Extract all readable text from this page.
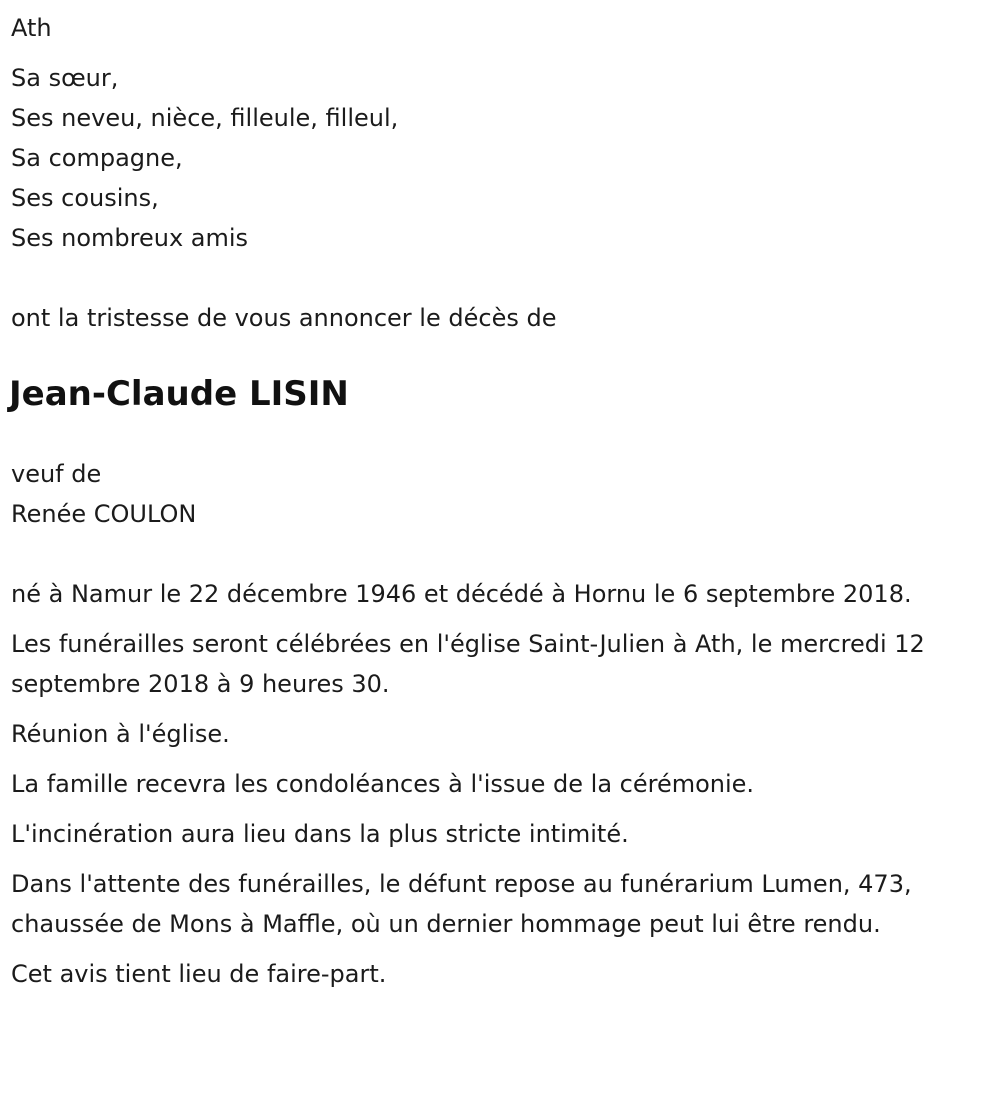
Ath

Sa sœur,
Ses neveu, nièce, filleule, filleul,
Sa compagne,
Ses cousins,
Ses nombreux amis

ont la tristesse de vous annoncer le décès de

Jean-Claude LISIN

veuf de

Renée COULON

né à Namur le 22 décembre 1946 et décédé à Hornu le 6 septembre 2018.

Les funérailles seront célébrées en l'église Saint-Julien à Ath, le mercredi 12 septembre 2018 à 9 heures 30.

Réunion à l'église.

La famille recevra les condoléances à l'issue de la cérémonie.

L'incinération aura lieu dans la plus stricte intimité.

Dans l'attente des funérailles, le défunt repose au funérarium Lumen, 473, chaussée de Mons à Maffle, où un dernier hommage peut lui être rendu.

Cet avis tient lieu de faire-part.
